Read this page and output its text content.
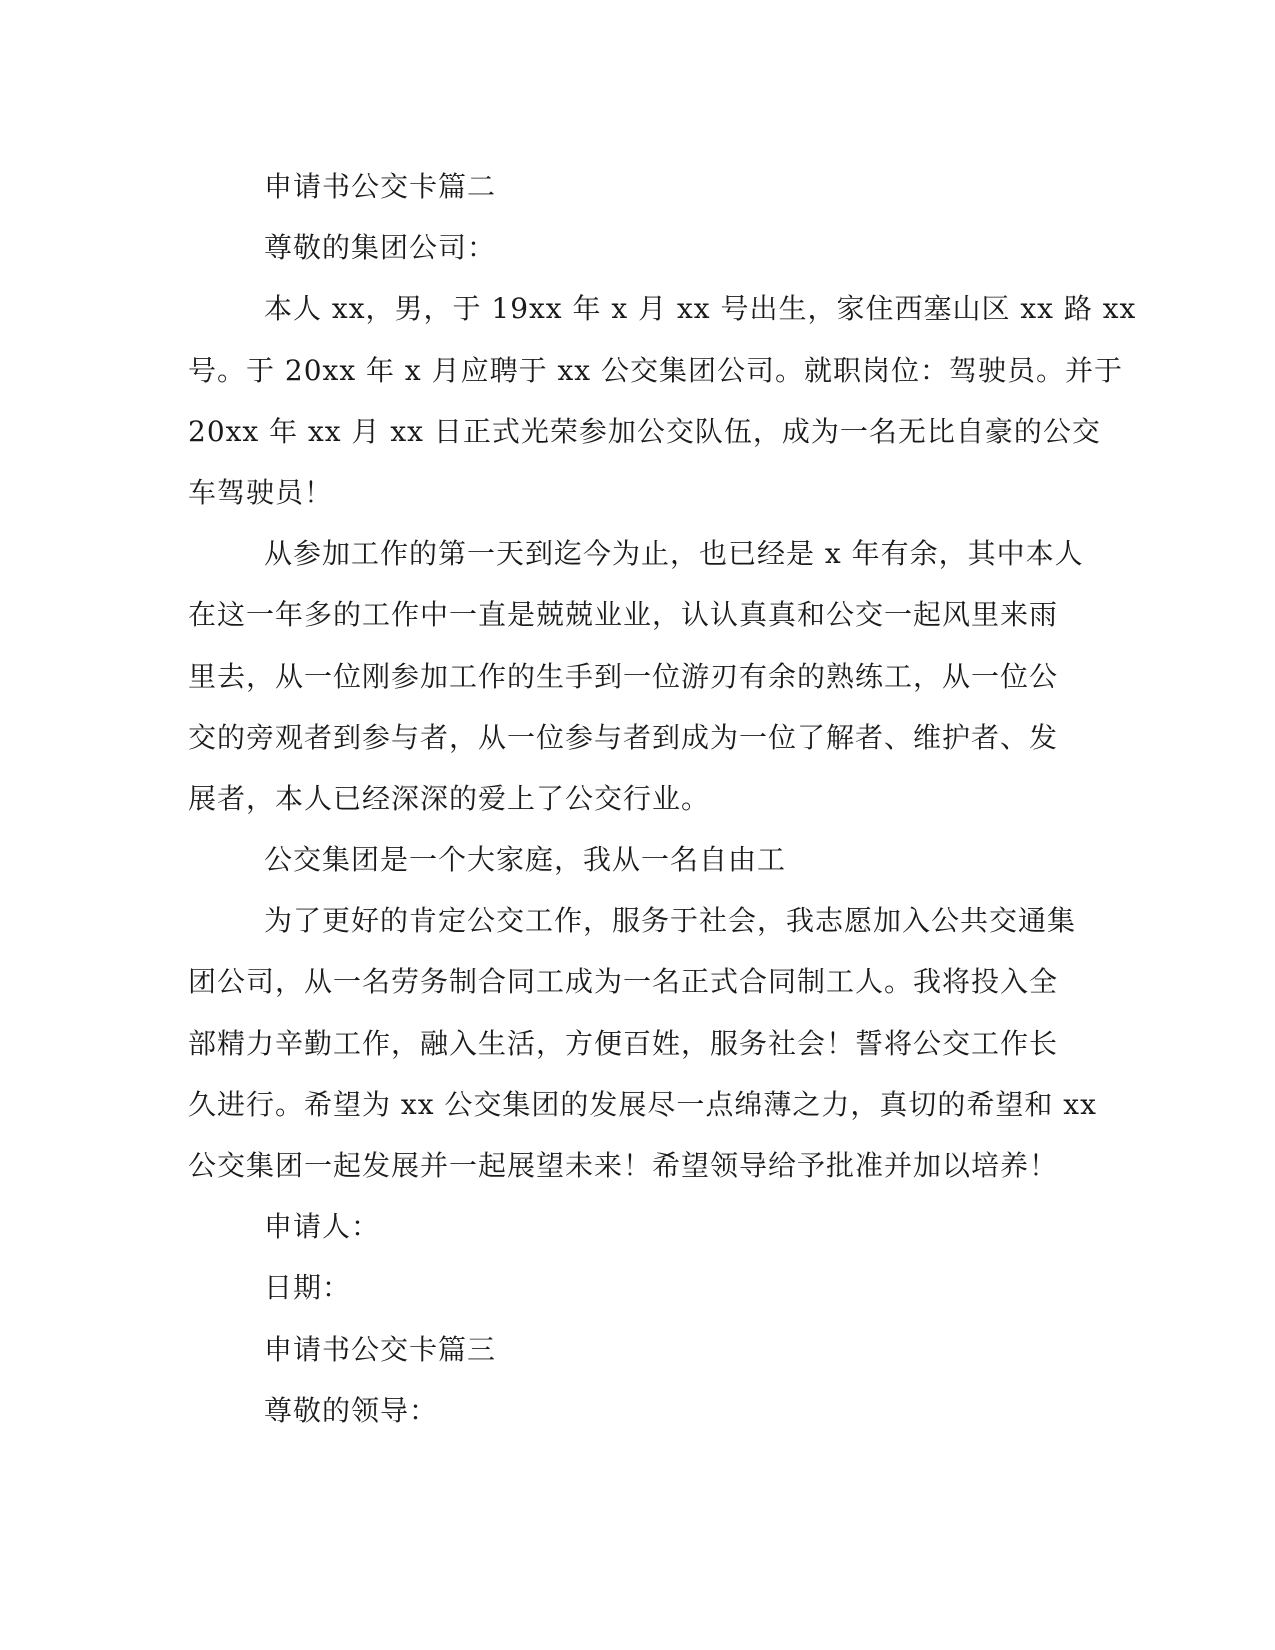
申请书公交卡篇二
尊敬的集团公司：
本人 xx，男，于 19xx 年 x 月 xx 号出生，家住西塞山区 xx 路 xx
号。于 20xx 年 x 月应聘于 xx 公交集团公司。就职岗位：驾驶员。并于
20xx 年 xx 月 xx 日正式光荣参加公交队伍，成为一名无比自豪的公交
车驾驶员！
从参加工作的第一天到迄今为止，也已经是 x 年有余，其中本人
在这一年多的工作中一直是兢兢业业，认认真真和公交一起风里来雨
里去，从一位刚参加工作的生手到一位游刃有余的熟练工，从一位公
交的旁观者到参与者，从一位参与者到成为一位了解者、维护者、发
展者，本人已经深深的爱上了公交行业。
公交集团是一个大家庭，我从一名自由工
为了更好的肯定公交工作，服务于社会，我志愿加入公共交通集
团公司，从一名劳务制合同工成为一名正式合同制工人。我将投入全
部精力辛勤工作，融入生活，方便百姓，服务社会！誓将公交工作长
久进行。希望为 xx 公交集团的发展尽一点绵薄之力，真切的希望和 xx
公交集团一起发展并一起展望未来！希望领导给予批准并加以培养！
申请人：
日期：
申请书公交卡篇三
尊敬的领导：
